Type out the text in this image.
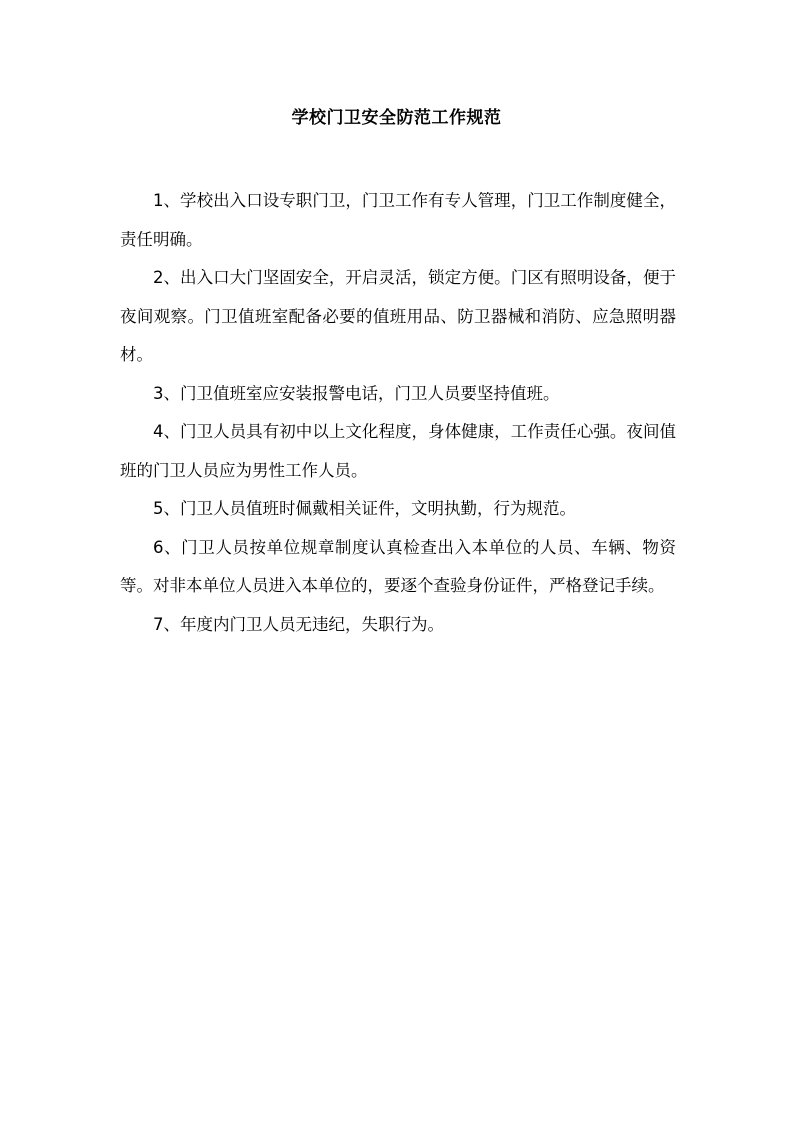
学校门卫安全防范工作规范

1、学校出入口设专职门卫，门卫工作有专人管理，门卫工作制度健全，责任明确。

2、出入口大门坚固安全，开启灵活，锁定方便。门区有照明设备，便于夜间观察。门卫值班室配备必要的值班用品、防卫器械和消防、应急照明器材。

3、门卫值班室应安装报警电话，门卫人员要坚持值班。

4、门卫人员具有初中以上文化程度，身体健康，工作责任心强。夜间值班的门卫人员应为男性工作人员。

5、门卫人员值班时佩戴相关证件，文明执勤，行为规范。

6、门卫人员按单位规章制度认真检查出入本单位的人员、车辆、物资等。对非本单位人员进入本单位的，要逐个查验身份证件，严格登记手续。

7、年度内门卫人员无违纪，失职行为。
